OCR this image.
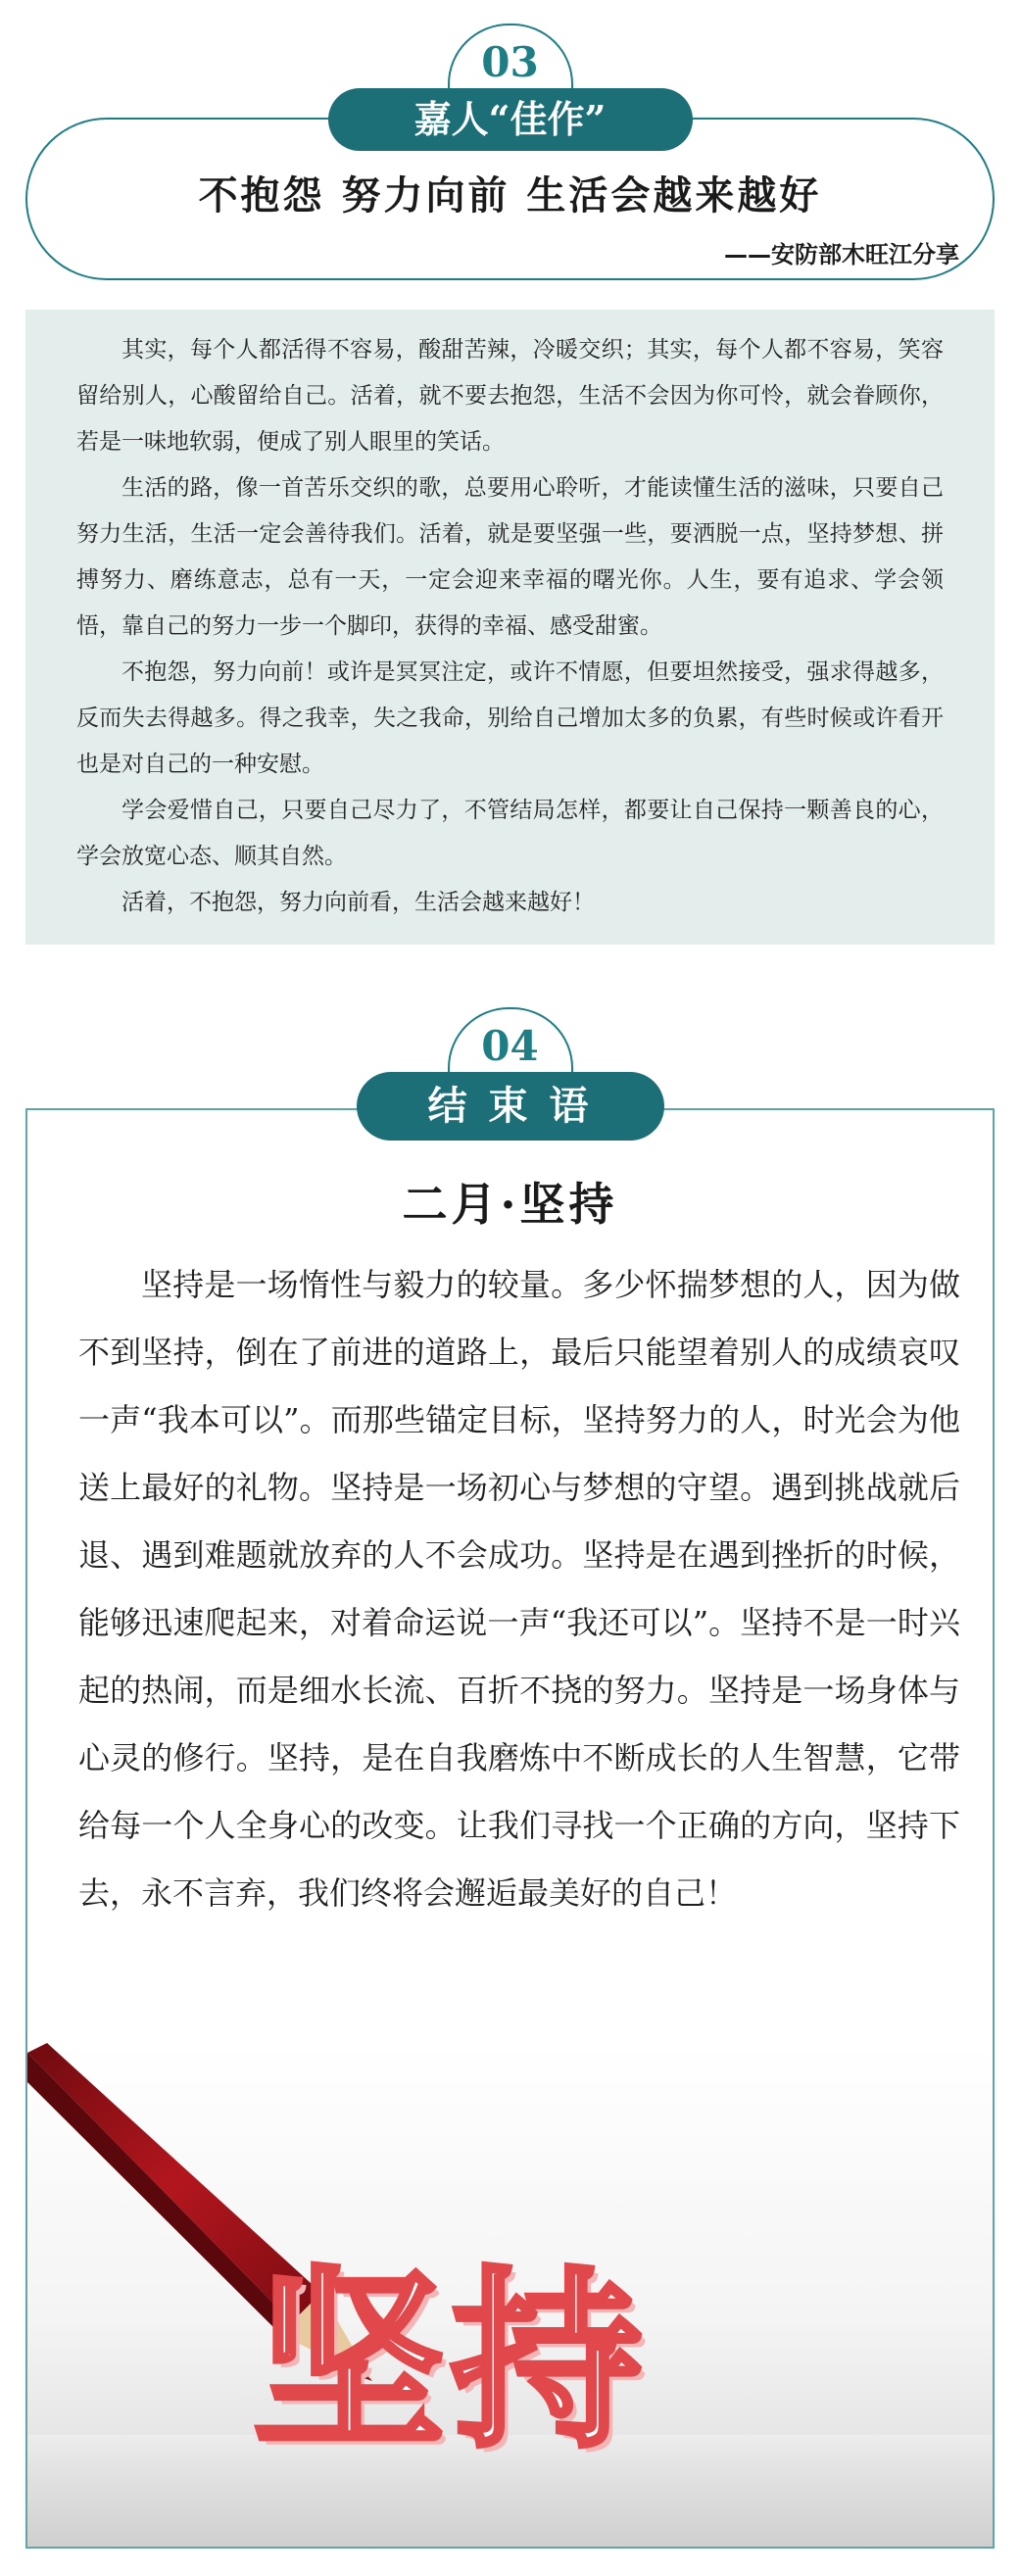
03
嘉人“佳作”
不抱怨 努力向前 生活会越来越好
——安防部木旺江分享

其实，每个人都活得不容易，酸甜苦辣，冷暖交织；其实，每个人都不容易，笑容留给别人，心酸留给自己。活着，就不要去抱怨，生活不会因为你可怜，就会眷顾你，若是一味地软弱，便成了别人眼里的笑话。

生活的路，像一首苦乐交织的歌，总要用心聆听，才能读懂生活的滋味，只要自己努力生活，生活一定会善待我们。活着，就是要坚强一些，要洒脱一点，坚持梦想、拼搏努力、磨练意志，总有一天，一定会迎来幸福的曙光你。人生，要有追求、学会领悟，靠自己的努力一步一个脚印，获得的幸福、感受甜蜜。

不抱怨，努力向前！或许是冥冥注定，或许不情愿，但要坦然接受，强求得越多，反而失去得越多。得之我幸，失之我命，别给自己增加太多的负累，有些时候或许看开也是对自己的一种安慰。

学会爱惜自己，只要自己尽力了，不管结局怎样，都要让自己保持一颗善良的心，学会放宽心态、顺其自然。

活着，不抱怨，努力向前看，生活会越来越好！

04
结 束 语
二月·坚持

坚持是一场惰性与毅力的较量。多少怀揣梦想的人，因为做不到坚持，倒在了前进的道路上，最后只能望着别人的成绩哀叹一声“我本可以”。而那些锚定目标，坚持努力的人，时光会为他送上最好的礼物。坚持是一场初心与梦想的守望。遇到挑战就后退、遇到难题就放弃的人不会成功。坚持是在遇到挫折的时候，能够迅速爬起来，对着命运说一声“我还可以”。坚持不是一时兴起的热闹，而是细水长流、百折不挠的努力。坚持是一场身体与心灵的修行。坚持，是在自我磨炼中不断成长的人生智慧，它带给每一个人全身心的改变。让我们寻找一个正确的方向，坚持下去，永不言弃，我们终将会邂逅最美好的自己！

坚持
